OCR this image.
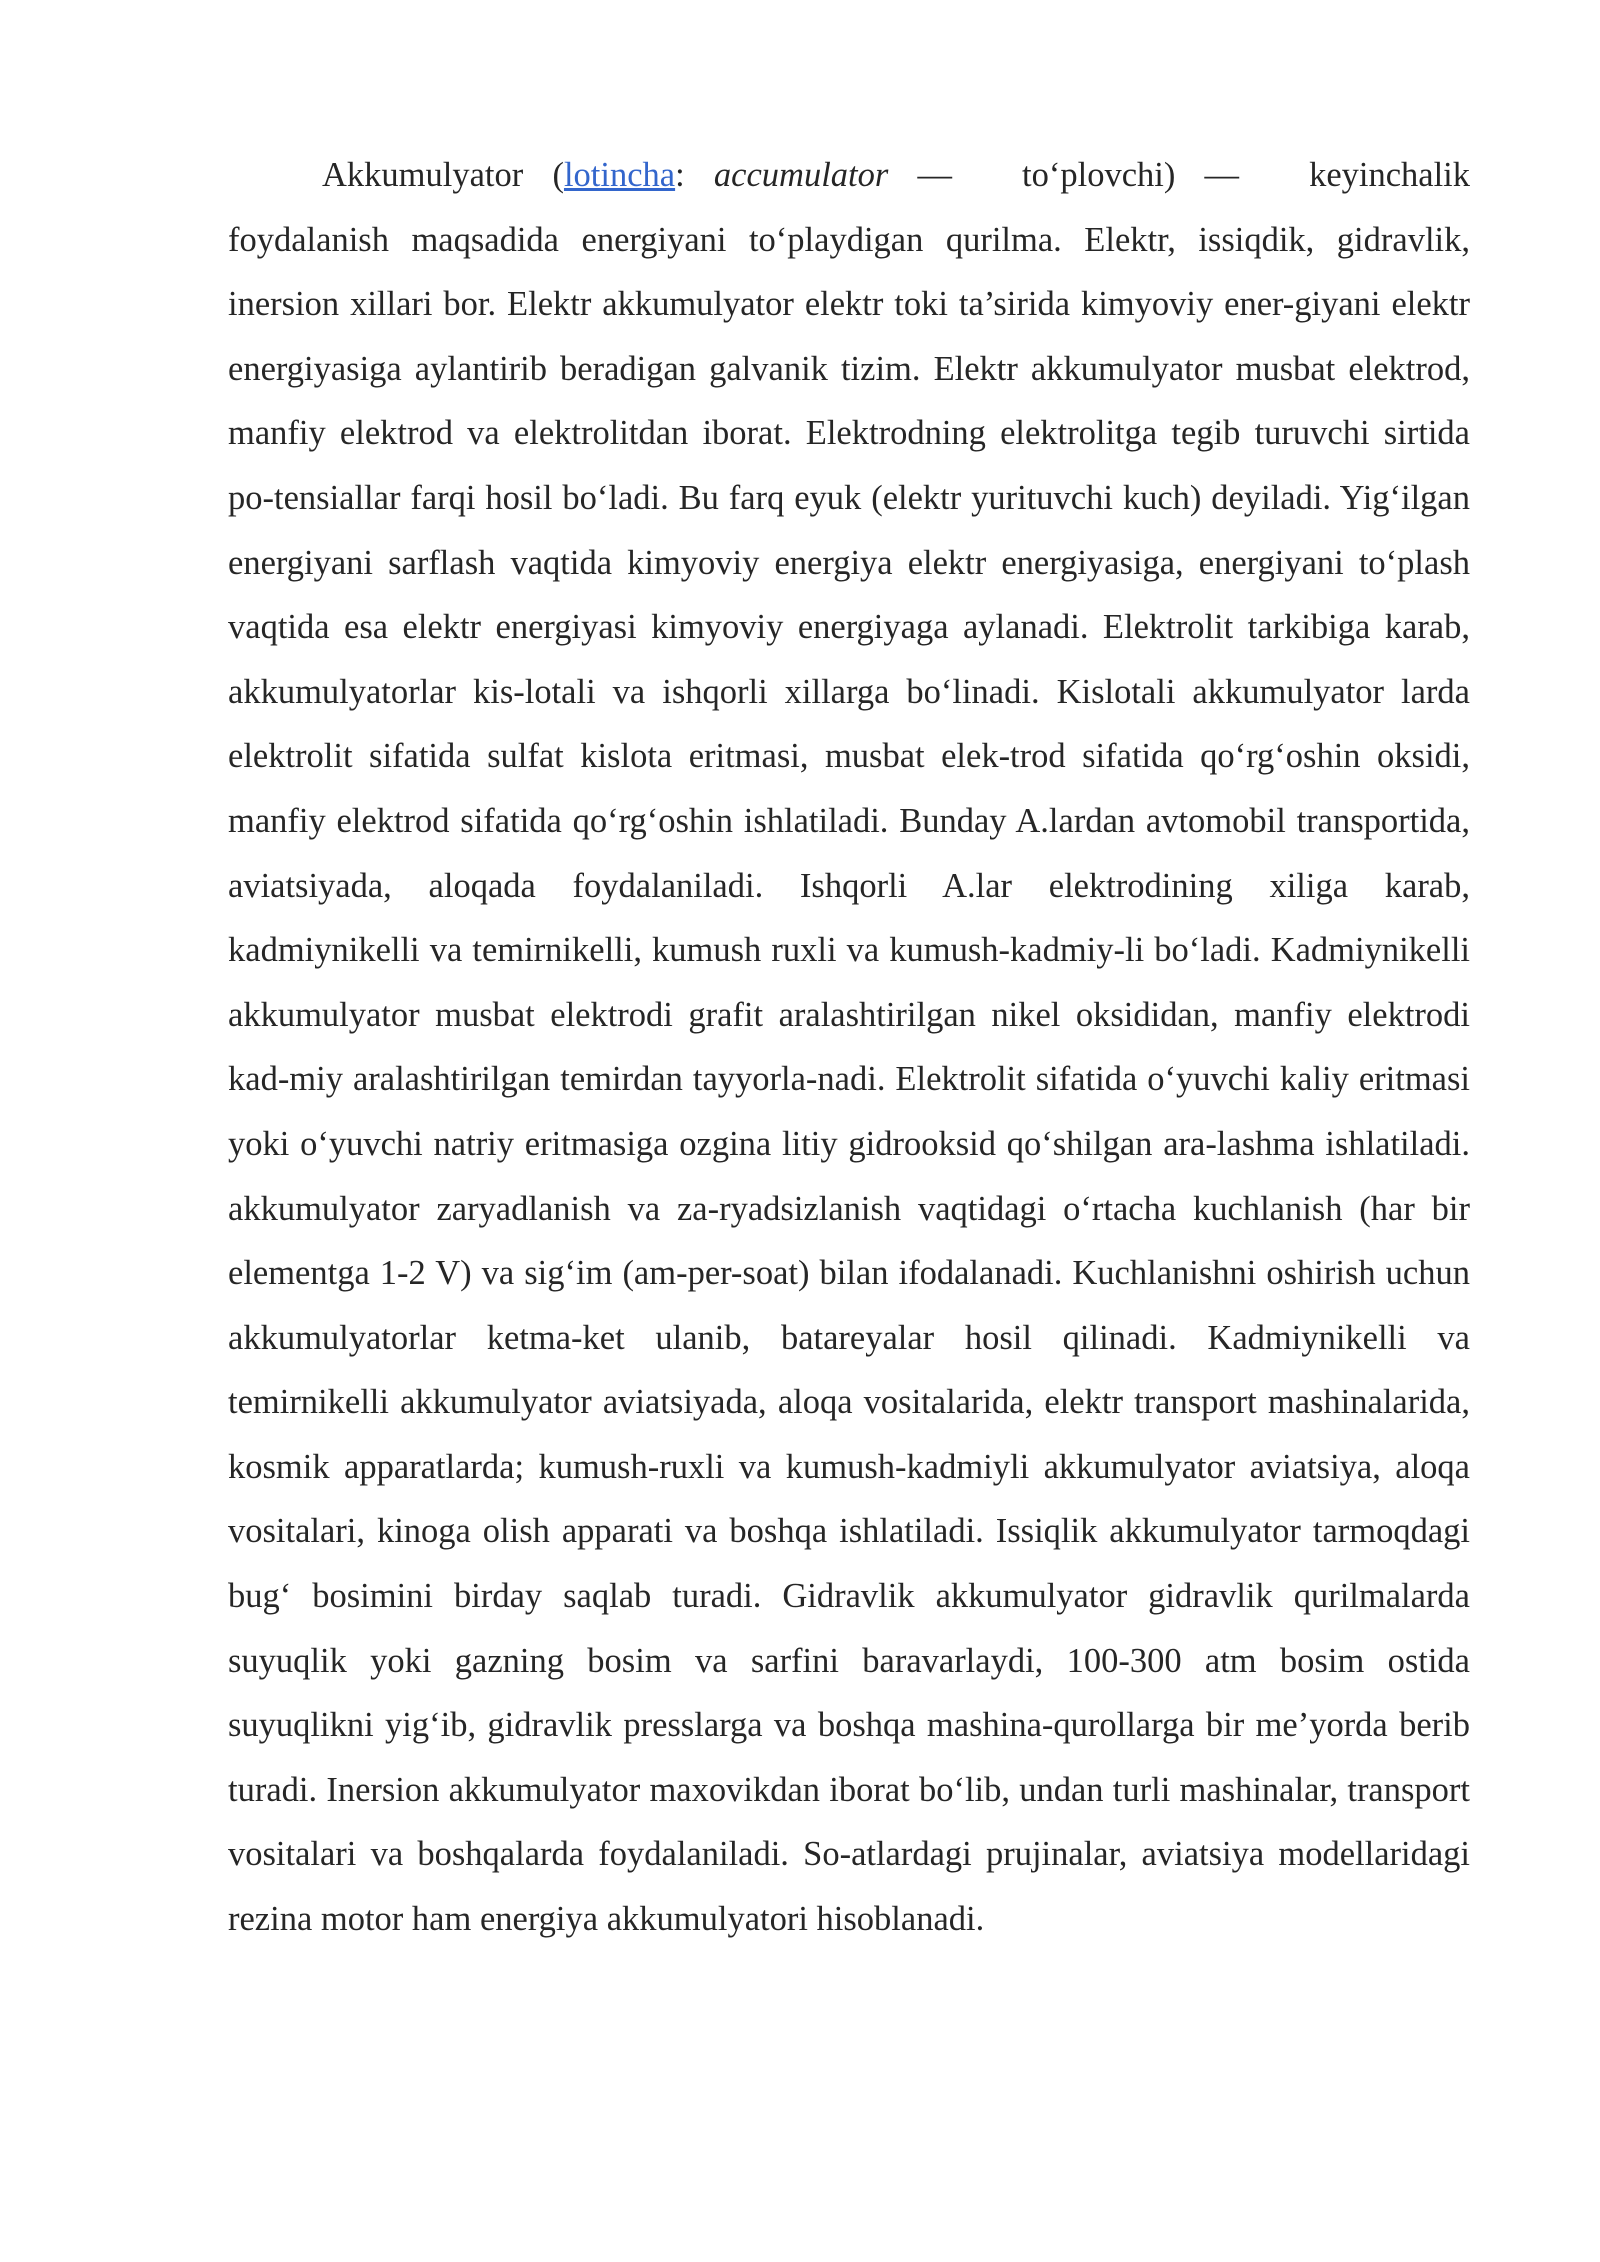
Akkumulyator (lotincha: accumulator — to‘plovchi) — keyinchalik foydalanish maqsadida energiyani to‘playdigan qurilma. Elektr, issiqdik, gidravlik, inersion xillari bor. Elektr akkumulyator elektr toki ta’sirida kimyoviy ener-giyani elektr energiyasiga aylantirib beradigan galvanik tizim. Elektr akkumulyator musbat elektrod, manfiy elektrod va elektrolitdan iborat. Elektrodning elektrolitga tegib turuvchi sirtida po-tensiallar farqi hosil bo‘ladi. Bu farq eyuk (elektr yurituvchi kuch) deyiladi. Yig‘ilgan energiyani sarflash vaqtida kimyoviy energiya elektr energiyasiga, energiyani to‘plash vaqtida esa elektr energiyasi kimyoviy energiyaga aylanadi. Elektrolit tarkibiga karab, akkumulyatorlar kis-lotali va ishqorli xillarga bo‘linadi. Kislotali akkumulyator larda elektrolit sifatida sulfat kislota eritmasi, musbat elek-trod sifatida qo‘rg‘oshin oksidi, manfiy elektrod sifatida qo‘rg‘oshin ishlatiladi. Bunday A.lardan avtomobil transportida, aviatsiyada, aloqada foydalaniladi. Ishqorli A.lar elektrodining xiliga karab, kadmiynikelli va temirnikelli, kumush ruxli va kumush-kadmiy-li bo‘ladi. Kadmiynikelli akkumulyator musbat elektrodi grafit aralashtirilgan nikel oksididan, manfiy elektrodi kad-miy aralashtirilgan temirdan tayyorla-nadi. Elektrolit sifatida o‘yuvchi kaliy eritmasi yoki o‘yuvchi natriy eritmasiga ozgina litiy gidrooksid qo‘shilgan ara-lashma ishlatiladi. akkumulyator zaryadlanish va za-ryadsizlanish vaqtidagi o‘rtacha kuchlanish (har bir elementga 1-2 V) va sig‘im (am-per-soat) bilan ifodalanadi. Kuchlanishni oshirish uchun akkumulyatorlar ketma-ket ulanib, batareyalar hosil qilinadi. Kadmiynikelli va temirnikelli akkumulyator aviatsiyada, aloqa vositalarida, elektr transport mashinalarida, kosmik apparatlarda; kumush-ruxli va kumush-kadmiyli akkumulyator aviatsiya, aloqa vositalari, kinoga olish apparati va boshqa ishlatiladi. Issiqlik akkumulyator tarmoqdagi bug‘ bosimini birday saqlab turadi. Gidravlik akkumulyator gidravlik qurilmalarda suyuqlik yoki gazning bosim va sarfini baravarlaydi, 100-300 atm bosim ostida suyuqlikni yig‘ib, gidravlik presslarga va boshqa mashina-qurollarga bir me’yorda berib turadi. Inersion akkumulyator maxovikdan iborat bo‘lib, undan turli mashinalar, transport vositalari va boshqalarda foydalaniladi. So-atlardagi prujinalar, aviatsiya modellaridagi rezina motor ham energiya akkumulyatori hisoblanadi.
